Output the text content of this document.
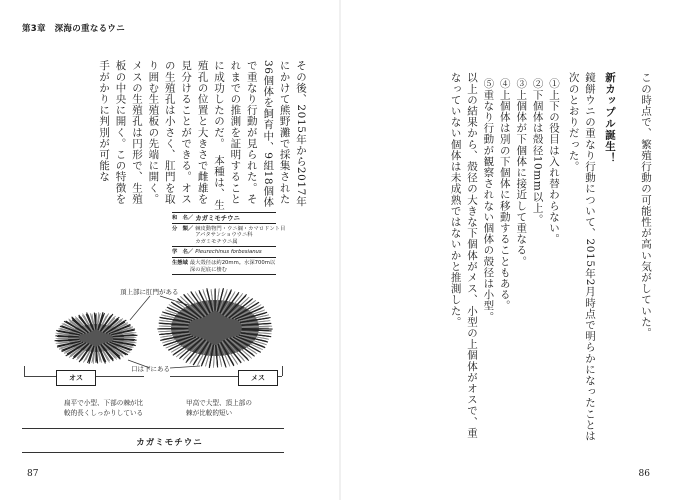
第3章　深海の重なるウニ

その後、2015年から2017年にかけて熊野灘で採集された36個体を飼育中、9組18個体で重なり行動が見られた。それまでの推測を証明することに成功したのだ。　本種は、生殖孔の位置と大きさで雌雄を見分けることができる。オスの生殖孔は小さく、肛門を取り囲む生殖板の先端に開く。メスの生殖孔は円形で、生殖板の中央に開く。この特徴を手がかりに判別が可能な

和　名／ カガミモチウニ
分　類／ 棘皮動物門・ウニ綱・カマロドント目
アバタサンショウウニ科
カガミモチウニ属
学　名／ Pleurechinus forbesianus
生態域 最大殻径は約20mm。水深700m以深の泥底に棲む
頂上部に肛門がある
口は下にある
オス	メス
扁平で小型、下部の棘が比
較的長くしっかりしている
甲高で大型、頂上部の
棘が比較的短い
カガミモチウニ
87

この時点で、繁殖行動の可能性が高い気がしていた。

新カップル誕生！

鏡餅ウニの重なり行動について、2015年2月時点で明らかになったことは次のとおりだった。

①上下の役目は入れ替わらない。

②下個体は殻径10mm以上。

③上個体が下個体に接近して重なる。

④上個体は別の下個体に移動することもある。

⑤重なり行動が観察されない個体の殻径は小型。

以上の結果から、殻径の大きな下個体がメス、小型の上個体がオスで、重なっていない個体は未成熟ではないかと推測した。

86
